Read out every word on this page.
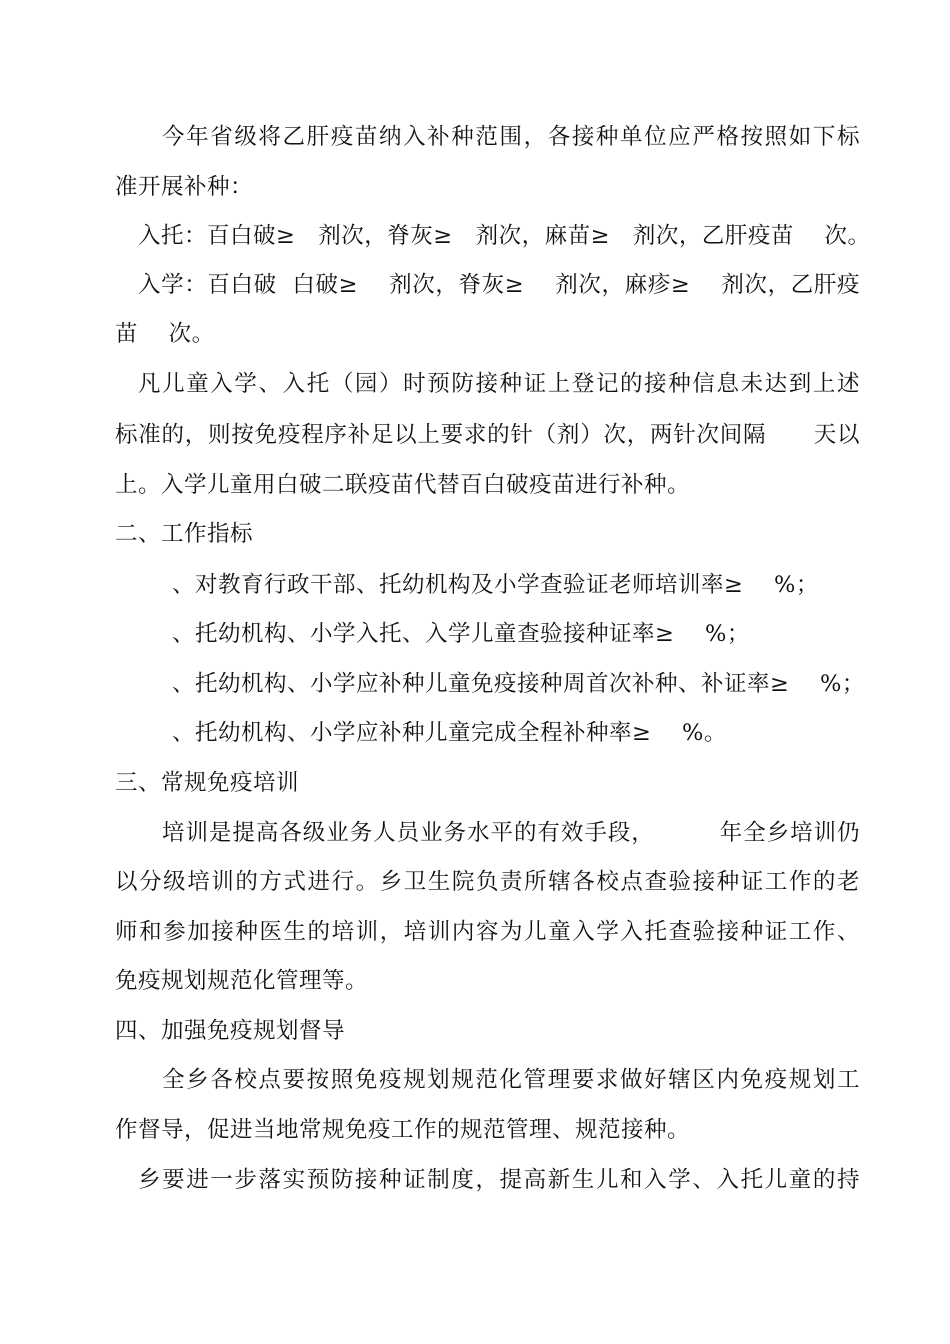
今年省级将乙肝疫苗纳入补种范围，各接种单位应严格按照如下标
准开展补种：
入托：百白破≥   剂次，脊灰≥   剂次，麻苗≥   剂次，乙肝疫苗    次。
入学：百白破  白破≥    剂次，脊灰≥    剂次，麻疹≥    剂次，乙肝疫
苗    次。
凡儿童入学、入托（园）时预防接种证上登记的接种信息未达到上述
标准的，则按免疫程序补足以上要求的针（剂）次，两针次间隔      天以
上。入学儿童用白破二联疫苗代替百白破疫苗进行补种。
二、工作指标
、对教育行政干部、托幼机构及小学查验证老师培训率≥    %；
、托幼机构、小学入托、入学儿童查验接种证率≥    %；
、托幼机构、小学应补种儿童免疫接种周首次补种、补证率≥    %；
、托幼机构、小学应补种儿童完成全程补种率≥    %。
三、常规免疫培训
培训是提高各级业务人员业务水平的有效手段，        年全乡培训仍
以分级培训的方式进行。乡卫生院负责所辖各校点查验接种证工作的老
师和参加接种医生的培训，培训内容为儿童入学入托查验接种证工作、
免疫规划规范化管理等。
四、加强免疫规划督导
全乡各校点要按照免疫规划规范化管理要求做好辖区内免疫规划工
作督导，促进当地常规免疫工作的规范管理、规范接种。
乡要进一步落实预防接种证制度，提高新生儿和入学、入托儿童的持
